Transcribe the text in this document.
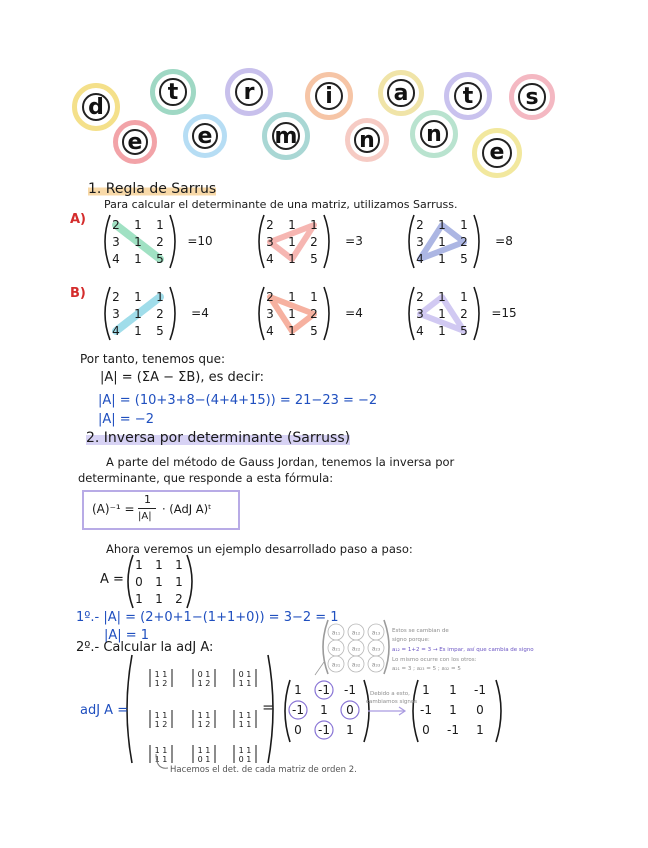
d
e
t
e
r
m
i
n
a
n
t
e
s
1. Regla de Sarrus
Para calcular el determinante de una matriz, utilizamos Sarruss.
A)
B)
2 1 1
3 1 2
4 1 5
=10
2 1 1
3 1 2
4 1 5
=3
2 1 1
3 1 2
4 1 5
=8
2 1 1
3 1 2
4 1 5
=4
2 1 1
3 1 2
4 1 5
=4
2 1 1
3 1 2
4 1 5
=15
1 1 1
0 1 1
1 1 2
a₁₁ a₁₂ a₁₃
a₂₁ a₂₂ a₂₃
a₃₁ a₃₂ a₃₃
1 1
1 2
0 1
1 2
0 1
1 1
1 1
1 2
1 1
1 2
1 1
1 1
1 1
1 1
1 1
0 1
1 1
0 1
=
1 -1 -1
-1 1 0
0 -1 1
1 1 -1
-1 1 0
0 -1 1
Por tanto, tenemos que:
|A| = (ΣA − ΣB), es decir:
|A| = (10+3+8−(4+4+15)) = 21−23 = −2
|A| = −2
2. Inversa por determinante (Sarruss)
A parte del método de Gauss Jordan, tenemos la inversa por
determinante, que responde a esta fórmula:
(A)⁻¹ =
1
|A|
· (AdJ A)ᵗ
Ahora veremos un ejemplo desarrollado paso a paso:
A =
1º.- |A| = (2+0+1−(1+1+0)) = 3−2 = 1
|A| = 1
2º.- Calcular la adJ A:
adJ A =
Estos se cambian de
signo porque:
a₁₂ = 1+2 = 3 → Es impar, así que cambia de signo
Lo mismo ocurre con los otros:
a₂₁ = 3 ; a₂₃ = 5 ; a₃₂ = 5
Debido a esto,
cambiamos signos
Hacemos el det. de cada matriz de orden 2.
